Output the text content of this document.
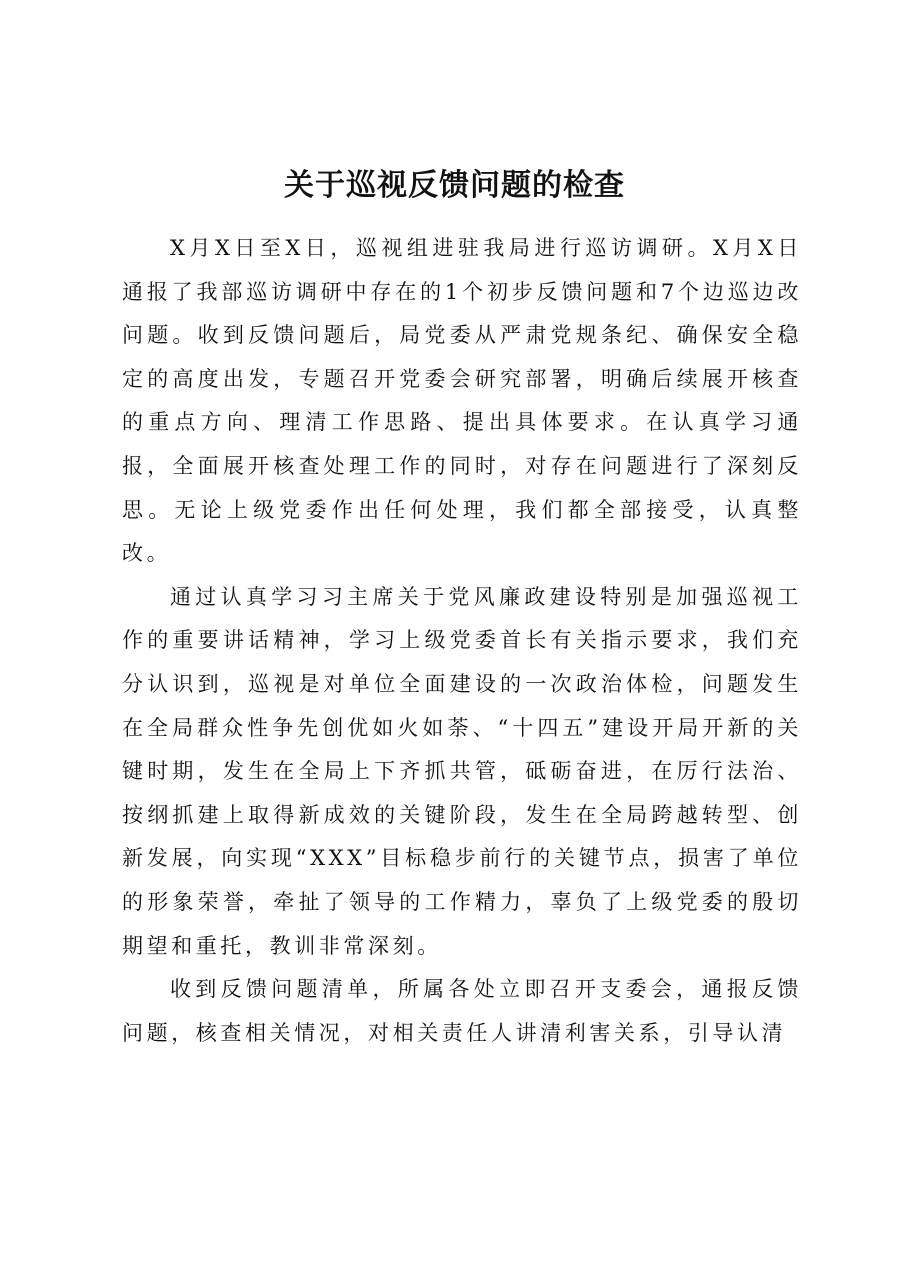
关于巡视反馈问题的检查

X月X日至X日，巡视组进驻我局进行巡访调研。X月X日通报了我部巡访调研中存在的1个初步反馈问题和7个边巡边改问题。收到反馈问题后，局党委从严肃党规条纪、确保安全稳定的高度出发，专题召开党委会研究部署，明确后续展开核查的重点方向、理清工作思路、提出具体要求。在认真学习通报，全面展开核查处理工作的同时，对存在问题进行了深刻反思。无论上级党委作出任何处理，我们都全部接受，认真整改。

通过认真学习习主席关于党风廉政建设特别是加强巡视工作的重要讲话精神，学习上级党委首长有关指示要求，我们充分认识到，巡视是对单位全面建设的一次政治体检，问题发生在全局群众性争先创优如火如荼、“十四五”建设开局开新的关键时期，发生在全局上下齐抓共管，砥砺奋进，在厉行法治、按纲抓建上取得新成效的关键阶段，发生在全局跨越转型、创新发展，向实现“XXX”目标稳步前行的关键节点，损害了单位的形象荣誉，牵扯了领导的工作精力，辜负了上级党委的殷切期望和重托，教训非常深刻。

收到反馈问题清单，所属各处立即召开支委会，通报反馈问题，核查相关情况，对相关责任人讲清利害关系，引导认清
